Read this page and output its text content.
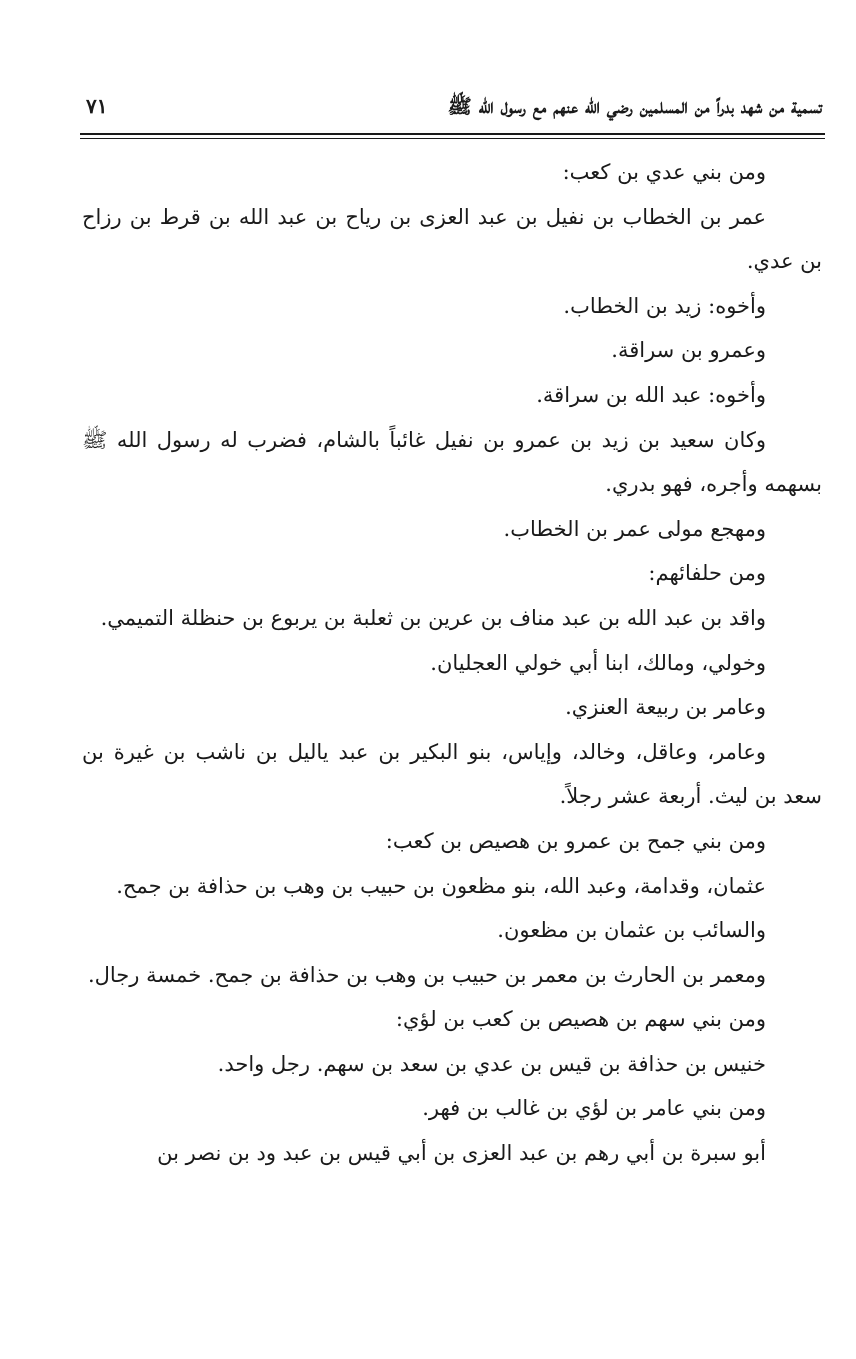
تسمية من شهد بدراً من المسلمين رضي الله عنهم مع رسول الله ﷺ
٧١

ومن بني عدي بن كعب:

عمر بن الخطاب بن نفيل بن عبد العزى بن رياح بن عبد الله بن قرط بن رزاح بن عدي.

وأخوه: زيد بن الخطاب.

وعمرو بن سراقة.

وأخوه: عبد الله بن سراقة.

وكان سعيد بن زيد بن عمرو بن نفيل غائباً بالشام، فضرب له رسول الله ﷺ بسهمه وأجره، فهو بدري.

ومهجع مولى عمر بن الخطاب.

ومن حلفائهم:

واقد بن عبد الله بن عبد مناف بن عرين بن ثعلبة بن يربوع بن حنظلة التميمي.

وخولي، ومالك، ابنا أبي خولي العجليان.

وعامر بن ربيعة العنزي.

وعامر، وعاقل، وخالد، وإياس، بنو البكير بن عبد ياليل بن ناشب بن غيرة بن سعد بن ليث. أربعة عشر رجلاً.

ومن بني جمح بن عمرو بن هصيص بن كعب:

عثمان، وقدامة، وعبد الله، بنو مظعون بن حبيب بن وهب بن حذافة بن جمح.

والسائب بن عثمان بن مظعون.

ومعمر بن الحارث بن معمر بن حبيب بن وهب بن حذافة بن جمح. خمسة رجال.

ومن بني سهم بن هصيص بن كعب بن لؤي:

خنيس بن حذافة بن قيس بن عدي بن سعد بن سهم. رجل واحد.

ومن بني عامر بن لؤي بن غالب بن فهر.

أبو سبرة بن أبي رهم بن عبد العزى بن أبي قيس بن عبد ود بن نصر بن
